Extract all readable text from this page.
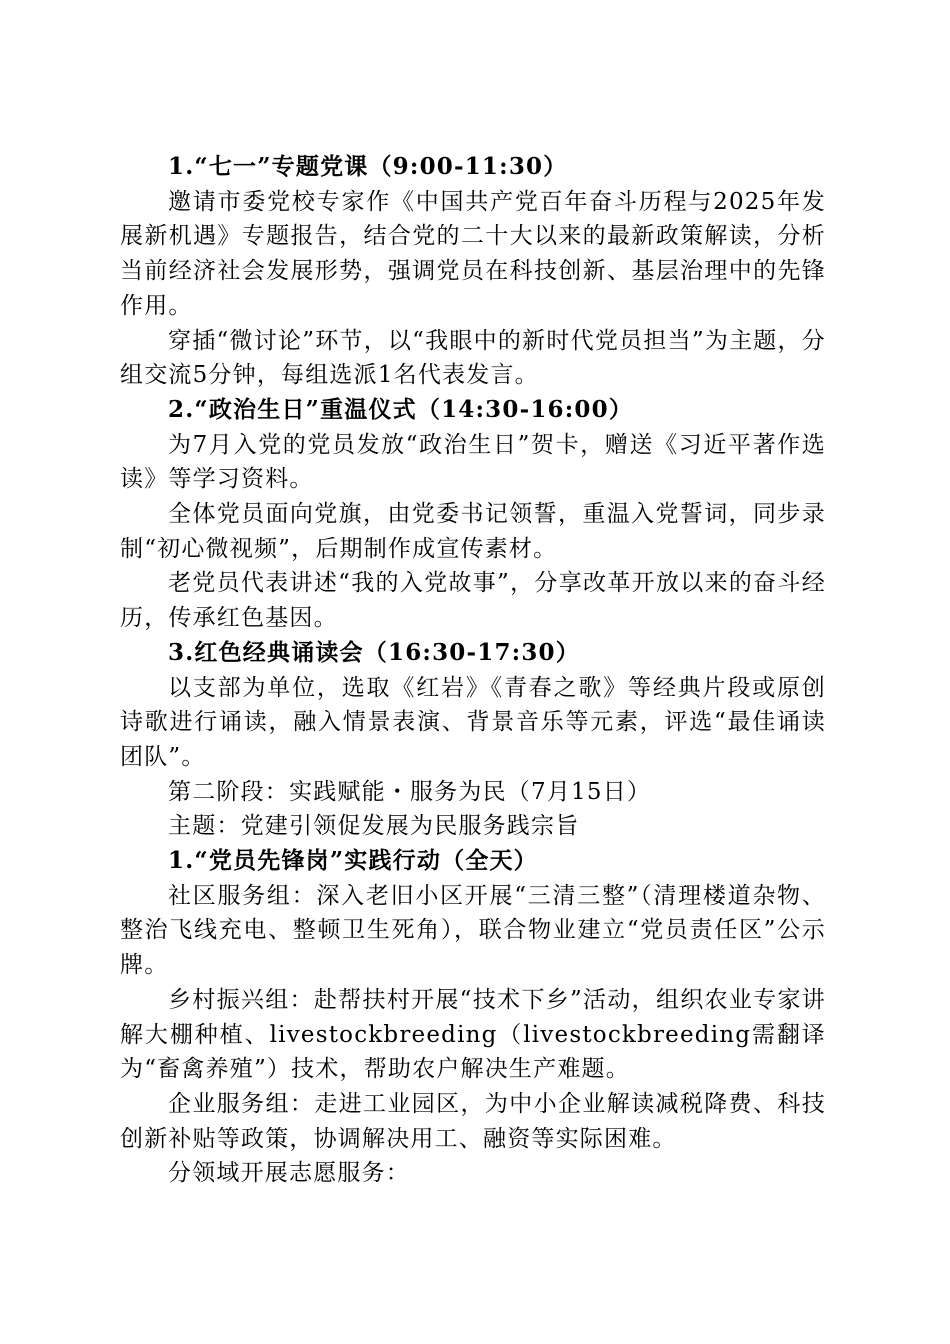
1.“七一”专题党课（9:00-11:30）

邀请市委党校专家作《中国共产党百年奋斗历程与2025年发展新机遇》专题报告，结合党的二十大以来的最新政策解读，分析当前经济社会发展形势，强调党员在科技创新、基层治理中的先锋作用。

穿插“微讨论”环节，以“我眼中的新时代党员担当”为主题，分组交流5分钟，每组选派1名代表发言。

2.“政治生日”重温仪式（14:30-16:00）

为7月入党的党员发放“政治生日”贺卡，赠送《习近平著作选读》等学习资料。

全体党员面向党旗，由党委书记领誓，重温入党誓词，同步录制“初心微视频”，后期制作成宣传素材。

老党员代表讲述“我的入党故事”，分享改革开放以来的奋斗经历，传承红色基因。

3.红色经典诵读会（16:30-17:30）

以支部为单位，选取《红岩》《青春之歌》等经典片段或原创诗歌进行诵读，融入情景表演、背景音乐等元素，评选“最佳诵读团队”。

第二阶段：实践赋能・服务为民（7月15日）

主题：党建引领促发展为民服务践宗旨

1.“党员先锋岗”实践行动（全天）

社区服务组：深入老旧小区开展“三清三整”（清理楼道杂物、整治飞线充电、整顿卫生死角），联合物业建立“党员责任区”公示牌。

乡村振兴组：赴帮扶村开展“技术下乡”活动，组织农业专家讲解大棚种植、livestockbreeding（livestockbreeding需翻译为“畜禽养殖”）技术，帮助农户解决生产难题。

企业服务组：走进工业园区，为中小企业解读减税降费、科技创新补贴等政策，协调解决用工、融资等实际困难。

分领域开展志愿服务：
